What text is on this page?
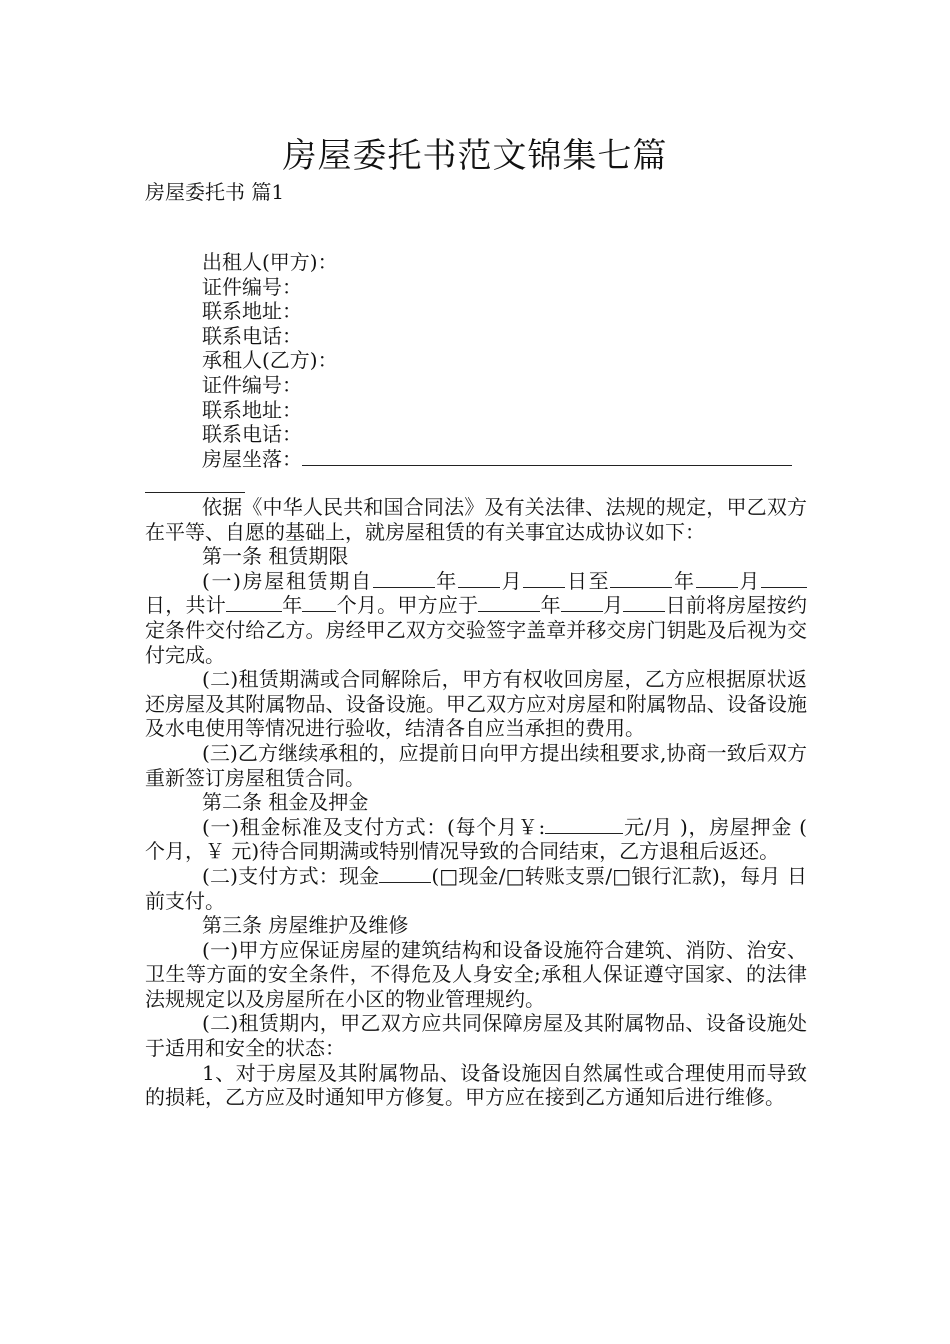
房屋委托书范文锦集七篇
房屋委托书 篇1
出租人(甲方)：
证件编号：
联系地址：
联系电话：
承租人(乙方)：
证件编号：
联系地址：
联系电话：
房屋坐落：

依据《中华人民共和国合同法》及有关法律、法规的规定，甲乙双方在平等、自愿的基础上，就房屋租赁的有关事宜达成协议如下：

第一条 租赁期限

(一)房屋租赁期自	年 月 日至	年 月日，共计	年 个月。甲方应于	年 月 日前将房屋按约定条件交付给乙方。房经甲乙双方交验签字盖章并移交房门钥匙及后视为交付完成。

(二)租赁期满或合同解除后，甲方有权收回房屋，乙方应根据原状返还房屋及其附属物品、设备设施。甲乙双方应对房屋和附属物品、设备设施及水电使用等情况进行验收，结清各自应当承担的费用。

(三)乙方继续承租的，应提前日向甲方提出续租要求,协商一致后双方重新签订房屋租赁合同。

第二条 租金及押金

(一)租金标准及支付方式：(每个月￥:	元/月 )，房屋押金 ( 个月，￥ 元)待合同期满或特别情况导致的合同结束，乙方退租后返还。

(二)支付方式：现金	(□现金/□转账支票/□银行汇款)，每月 日前支付。

第三条 房屋维护及维修

(一)甲方应保证房屋的建筑结构和设备设施符合建筑、消防、治安、卫生等方面的安全条件，不得危及人身安全;承租人保证遵守国家、的法律法规规定以及房屋所在小区的物业管理规约。

(二)租赁期内，甲乙双方应共同保障房屋及其附属物品、设备设施处于适用和安全的状态：

1、对于房屋及其附属物品、设备设施因自然属性或合理使用而导致的损耗，乙方应及时通知甲方修复。甲方应在接到乙方通知后进行维修。
